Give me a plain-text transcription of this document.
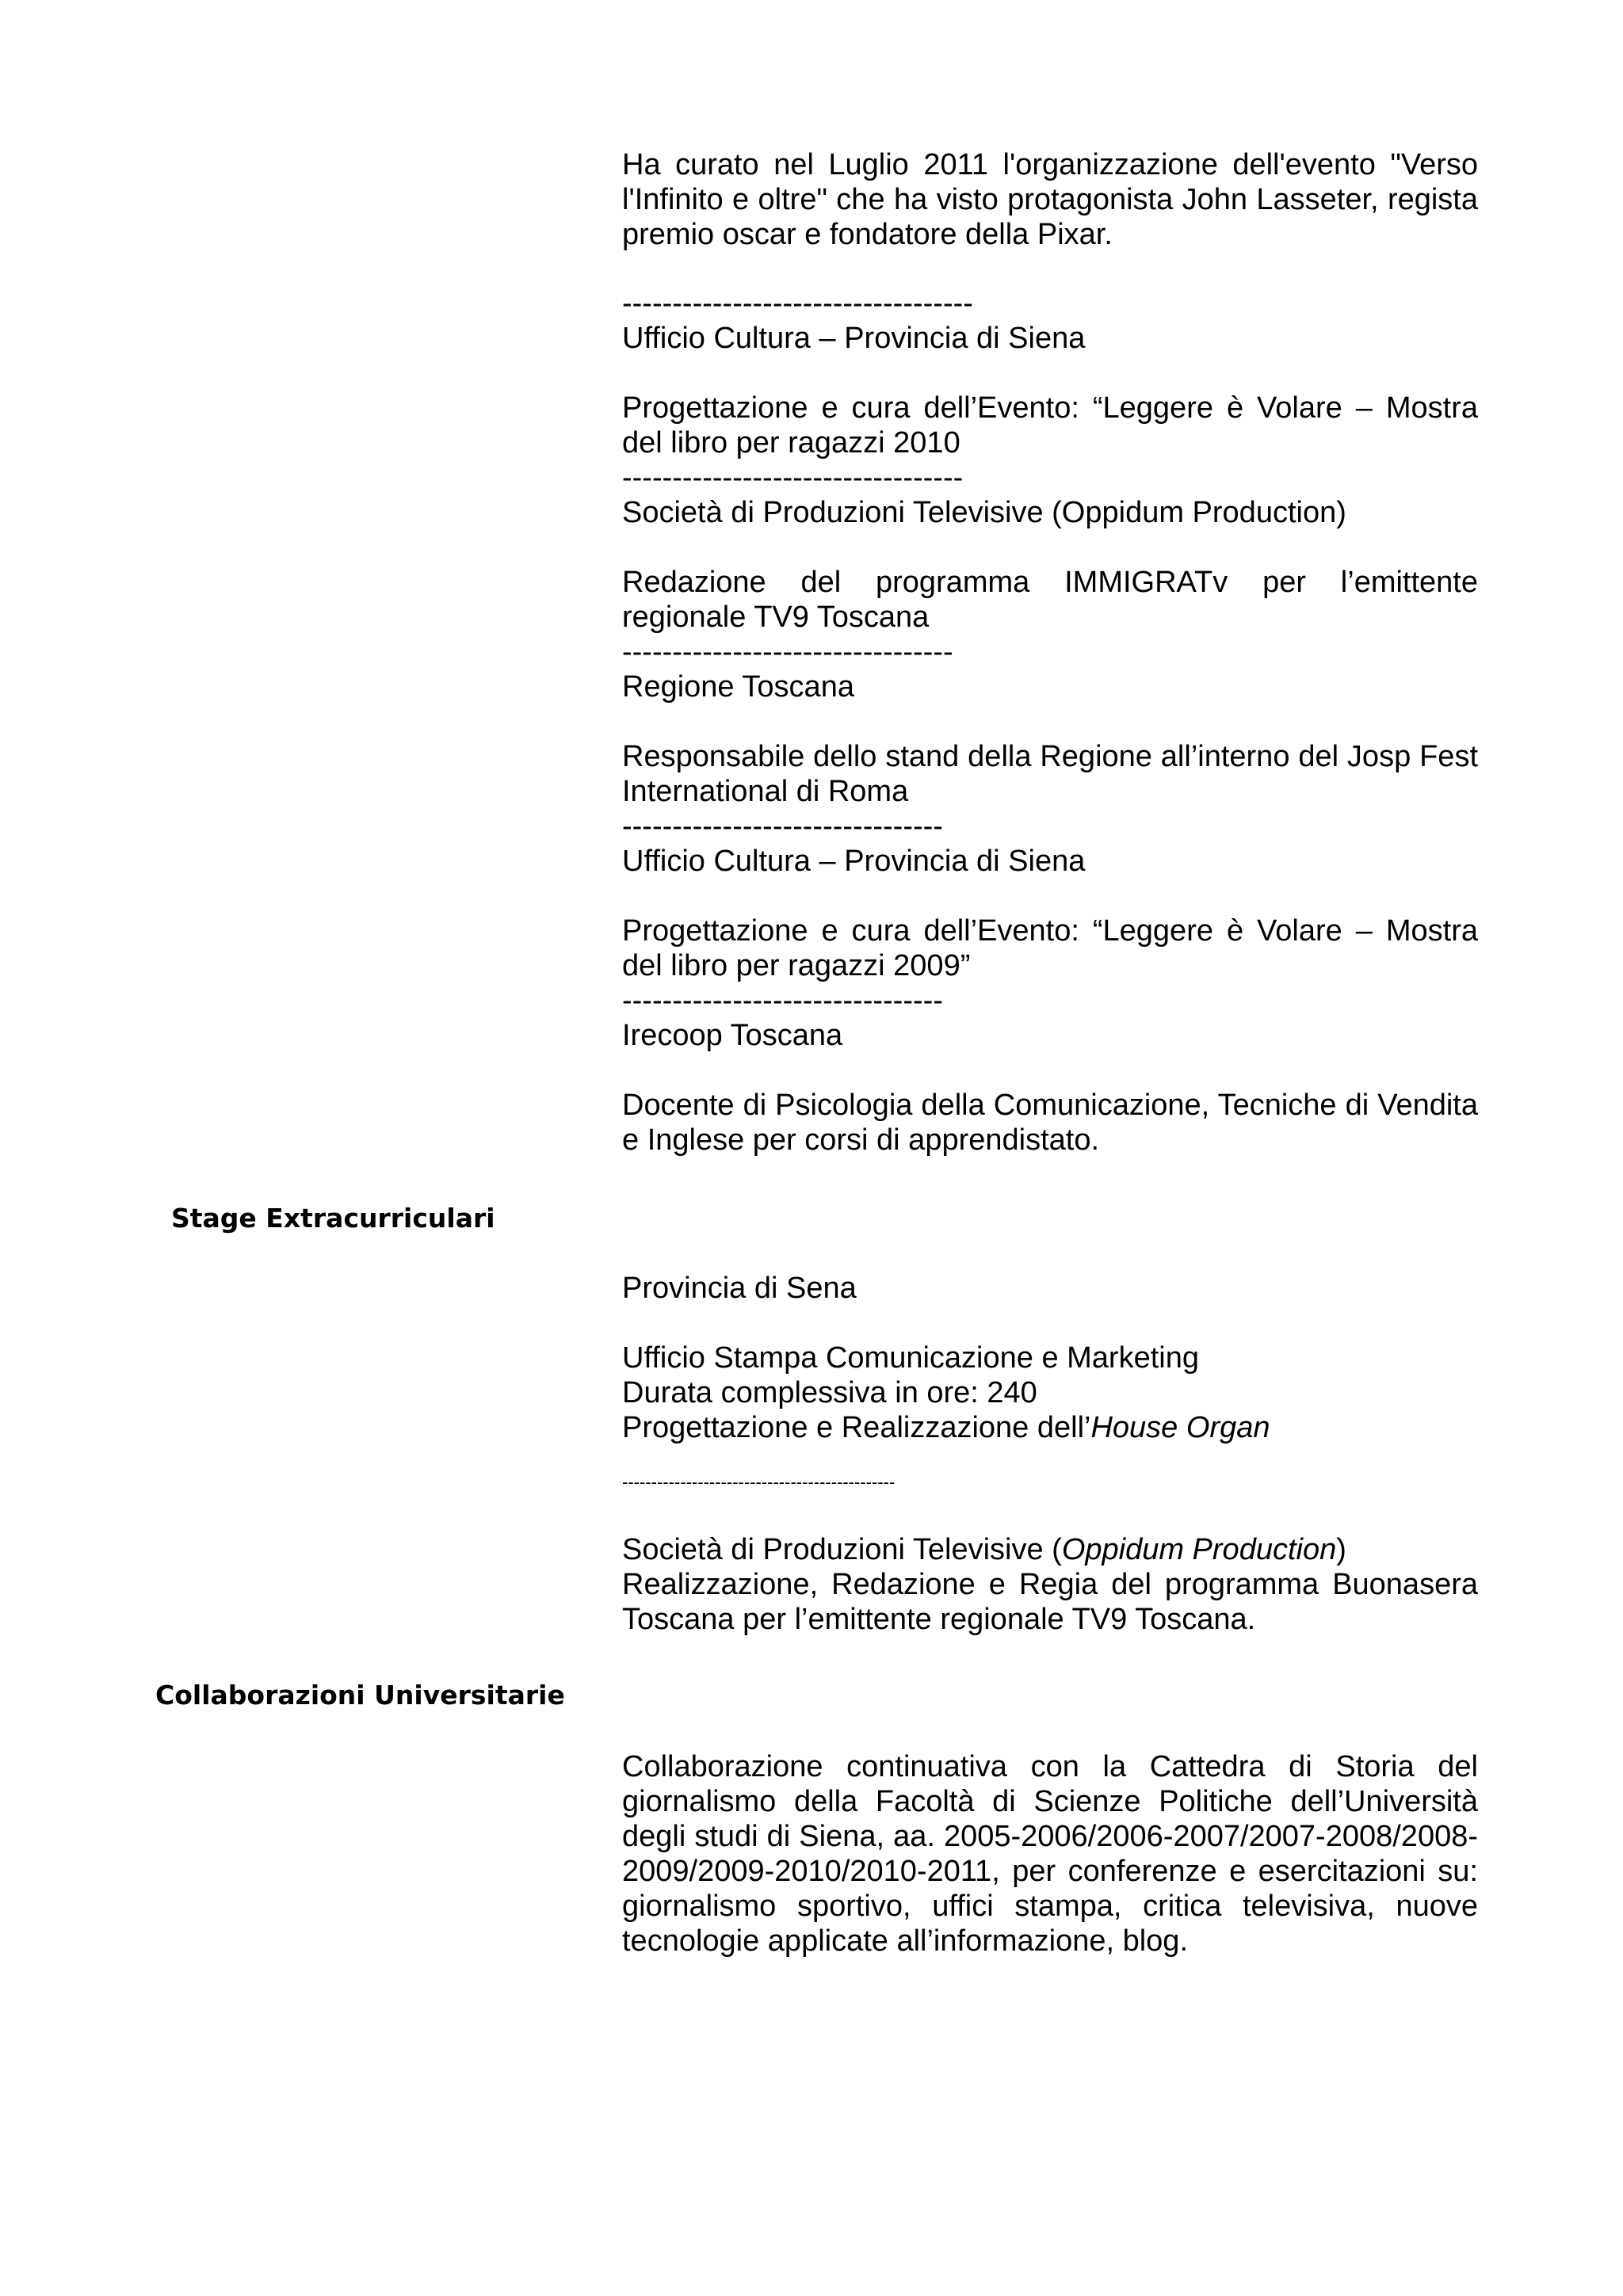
Ha curato nel Luglio 2011 l'organizzazione dell'evento "Verso l'Infinito e oltre" che ha visto protagonista John Lasseter, regista premio oscar e fondatore della Pixar.

-----------------------------------
Ufficio Cultura – Provincia di Siena
Progettazione e cura dell’Evento: “Leggere è Volare – Mostra del libro per ragazzi 2010
----------------------------------
Società di Produzioni Televisive (Oppidum Production)
Redazione del programma IMMIGRATv per l’emittente regionale TV9 Toscana
---------------------------------
Regione Toscana
Responsabile dello stand della Regione all’interno del Josp Fest International di Roma
--------------------------------
Ufficio Cultura – Provincia di Siena
Progettazione e cura dell’Evento: “Leggere è Volare – Mostra del libro per ragazzi 2009”
--------------------------------
Irecoop Toscana
Docente di Psicologia della Comunicazione, Tecniche di Vendita e Inglese per corsi di apprendistato.
Stage Extracurriculari
Provincia di Sena

Ufficio Stampa Comunicazione e Marketing

Durata complessiva in ore: 240

Progettazione e Realizzazione dell’House Organ

-----------------------------------------------

Società di Produzioni Televisive (Oppidum Production)

Realizzazione, Redazione e Regia del programma Buonasera Toscana per l’emittente regionale TV9 Toscana.
Collaborazioni Universitarie
Collaborazione continuativa con la Cattedra di Storia del giornalismo della Facoltà di Scienze Politiche dell’Università degli studi di Siena, aa. 2005-2006/2006-2007/2007-2008/2008-2009/2009-2010/2010-2011, per conferenze e esercitazioni su: giornalismo sportivo, uffici stampa, critica televisiva, nuove tecnologie applicate all’informazione, blog.
